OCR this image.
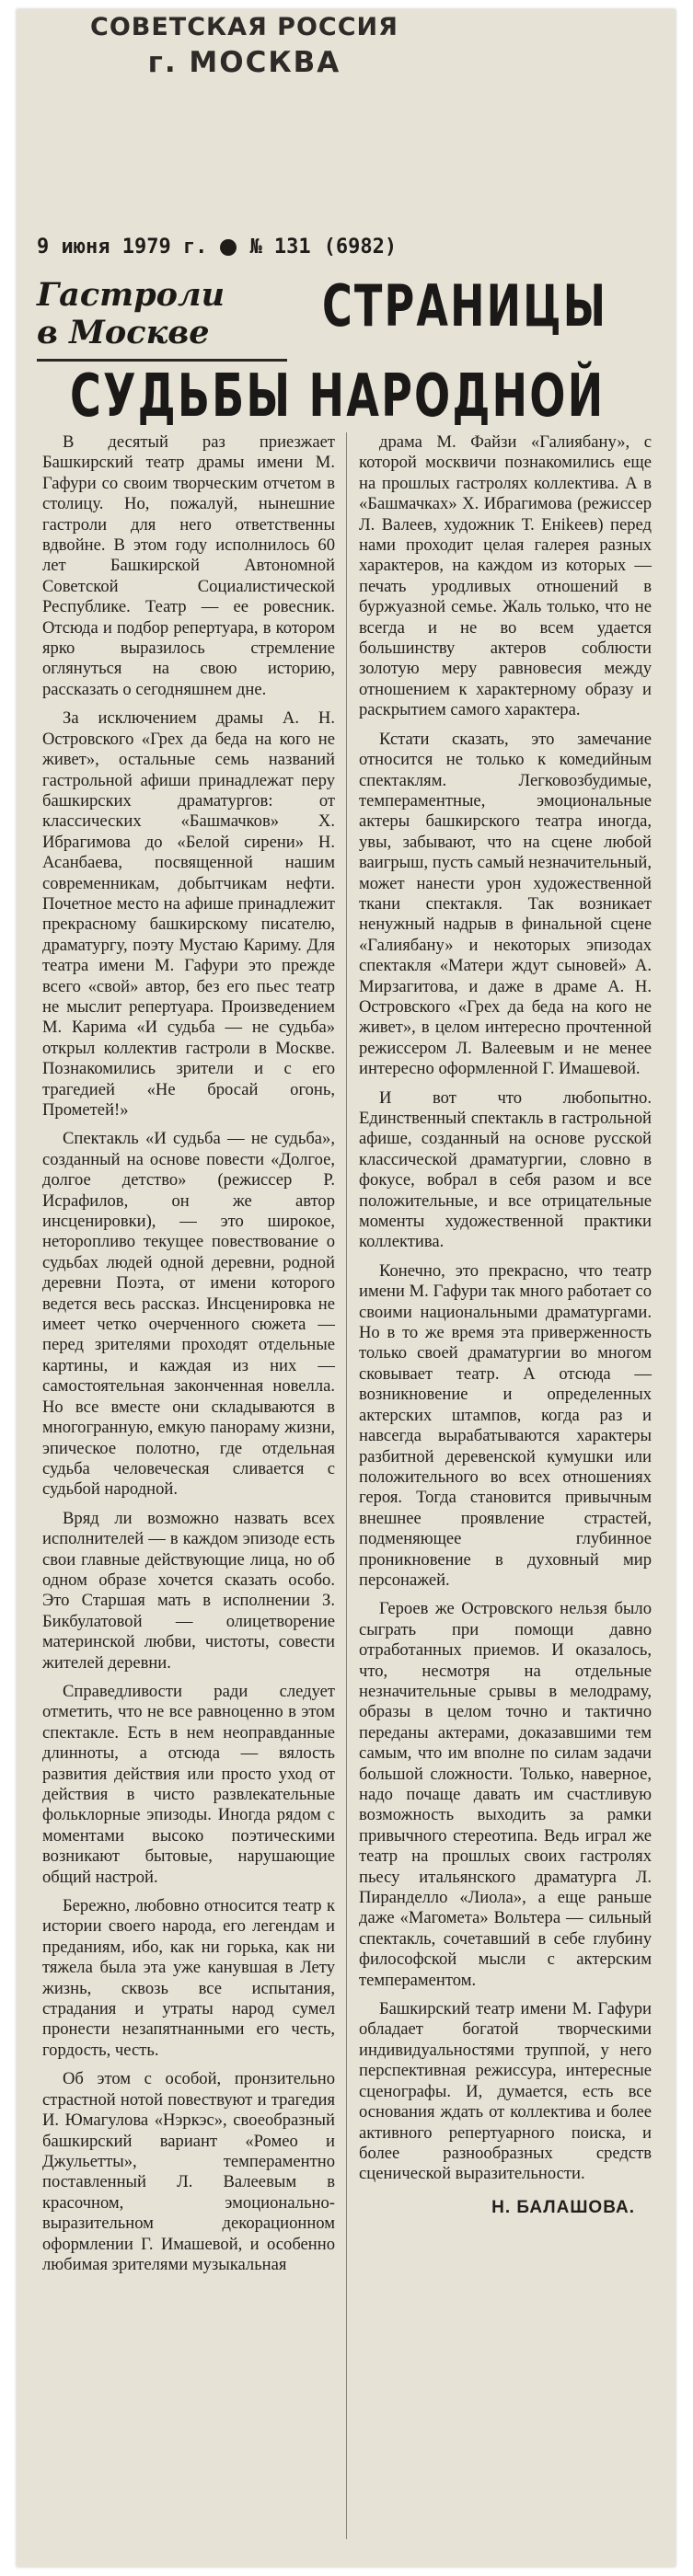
СОВЕТСКАЯ РОССИЯ
г. МОСКВА
9 июня 1979 г. № 131 (6982)
Гастроли
в Москве СТРАНИЦЫ
СУДЬБЫ НАРОДНОЙ

В десятый раз приезжает Башкирский театр драмы имени М. Гафури со своим творческим отчетом в столицу. Но, пожалуй, нынешние гастроли для него ответственны вдвойне. В этом году исполнилось 60 лет Башкирской Автономной Советской Социалистической Республике. Театр — ее ровесник. Отсюда и подбор репертуара, в котором ярко выразилось стремление оглянуться на свою историю, рассказать о сегодняшнем дне.

За исключением драмы А. Н. Островского «Грех да беда на кого не живет», остальные семь названий гастрольной афиши принадлежат перу башкирских драматургов: от классических «Башмачков» Х. Ибрагимова до «Белой сирени» Н. Асанбаева, посвященной нашим современникам, добытчикам нефти. Почетное место на афише принадлежит прекрасному башкирскому писателю, драматургу, поэту Мустаю Кариму. Для театра имени М. Гафури это прежде всего «свой» автор, без его пьес театр не мыслит репертуара. Произведением М. Карима «И судьба — не судьба» открыл коллектив гастроли в Москве. Познакомились зрители и с его трагедией «Не бросай огонь, Прометей!»

Спектакль «И судьба — не судьба», созданный на основе повести «Долгое, долгое детство» (режиссер Р. Исрафилов, он же автор инсценировки), — это широкое, неторопливо текущее повествование о судьбах людей одной деревни, родной деревни Поэта, от имени которого ведется весь рассказ. Инсценировка не имеет четко очерченного сюжета — перед зрителями проходят отдельные картины, и каждая из них — самостоятельная законченная новелла. Но все вместе они складываются в многогранную, емкую панораму жизни, эпическое полотно, где отдельная судьба человеческая сливается с судьбой народной.

Вряд ли возможно назвать всех исполнителей — в каждом эпизоде есть свои главные действующие лица, но об одном образе хочется сказать особо. Это Старшая мать в исполнении З. Бикбулатовой — олицетворение материнской любви, чистоты, совести жителей деревни.

Справедливости ради следует отметить, что не все равноценно в этом спектакле. Есть в нем неоправданные длинноты, а отсюда — вялость развития действия или просто уход от действия в чисто развлекательные фольклорные эпизоды. Иногда рядом с моментами высоко поэтическими возникают бытовые, нарушающие общий настрой.

Бережно, любовно относится театр к истории своего народа, его легендам и преданиям, ибо, как ни горька, как ни тяжела была эта уже канувшая в Лету жизнь, сквозь все испытания, страдания и утраты народ сумел пронести незапятнанными его честь, гордость, честь.

Об этом с особой, пронзительно страстной нотой повествуют и трагедия И. Юмагулова «Нэркэс», своеобразный башкирский вариант «Ромео и Джульетты», темпераментно поставленный Л. Валеевым в красочном, эмоционально-выразительном декорационном оформлении Г. Имашевой, и особенно любимая зрителями музыкальная

драма М. Файзи «Галиябану», с которой москвичи познакомились еще на прошлых гастролях коллектива. А в «Башмачках» Х. Ибрагимова (режиссер Л. Валеев, художник Т. Енikeев) перед нами проходит целая галерея разных характеров, на каждом из которых — печать уродливых отношений в буржуазной семье. Жаль только, что не всегда и не во всем удается большинству актеров соблюсти золотую меру равновесия между отношением к характерному образу и раскрытием самого характера.

Кстати сказать, это замечание относится не только к комедийным спектаклям. Легковозбудимые, темпераментные, эмоциональные актеры башкирского театра иногда, увы, забывают, что на сцене любой ваигрыш, пусть самый незначительный, может нанести урон художественной ткани спектакля. Так возникает ненужный надрыв в финальной сцене «Галиябану» и некоторых эпизодах спектакля «Матери ждут сыновей» А. Мирзагитова, и даже в драме А. Н. Островского «Грех да беда на кого не живет», в целом интересно прочтенной режиссером Л. Валеевым и не менее интересно оформленной Г. Имашевой.

И вот что любопытно. Единственный спектакль в гастрольной афише, созданный на основе русской классической драматургии, словно в фокусе, вобрал в себя разом и все положительные, и все отрицательные моменты художественной практики коллектива.

Конечно, это прекрасно, что театр имени М. Гафури так много работает со своими национальными драматургами. Но в то же время эта приверженность только своей драматургии во многом сковывает театр. А отсюда — возникновение и определенных актерских штампов, когда раз и навсегда вырабатываются характеры разбитной деревенской кумушки или положительного во всех отношениях героя. Тогда становится привычным внешнее проявление страстей, подменяющее глубинное проникновение в духовный мир персонажей.

Героев же Островского нельзя было сыграть при помощи давно отработанных приемов. И оказалось, что, несмотря на отдельные незначительные срывы в мелодраму, образы в целом точно и тактично переданы актерами, доказавшими тем самым, что им вполне по силам задачи большой сложности. Только, наверное, надо почаще давать им счастливую возможность выходить за рамки привычного стереотипа. Ведь играл же театр на прошлых своих гастролях пьесу итальянского драматурга Л. Пиранделло «Лиола», а еще раньше даже «Магомета» Вольтера — сильный спектакль, сочетавший в себе глубину философской мысли с актерским темпераментом.

Башкирский театр имени М. Гафури обладает богатой творческими индивидуальностями труппой, у него перспективная режиссура, интересные сценографы. И, думается, есть все основания ждать от коллектива и более активного репертуарного поиска, и более разнообразных средств сценической выразительности.

Н. БАЛАШОВА.
